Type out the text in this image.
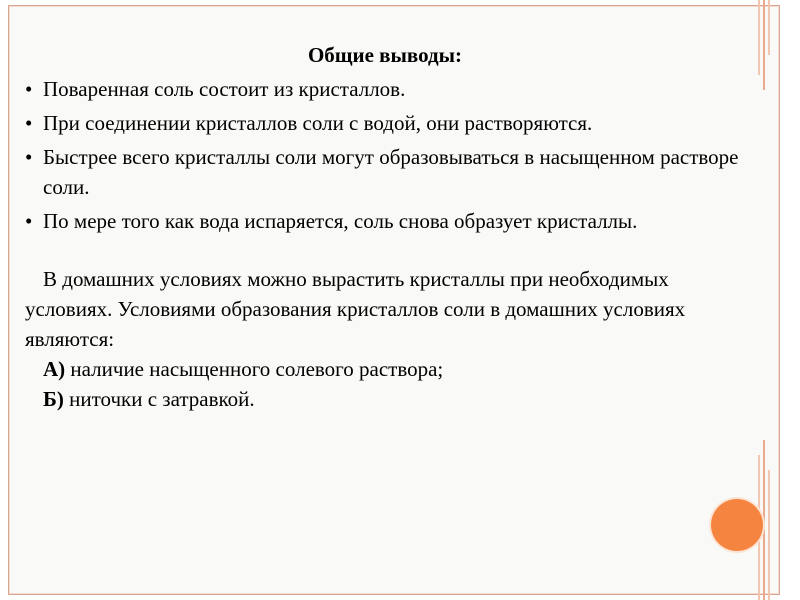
Общие выводы:
• Поваренная соль состоит из кристаллов.
• При соединении кристаллов соли с водой, они растворяются.
• Быстрее всего кристаллы соли могут образовываться в насыщенном растворе соли.
• По мере того как вода испаряется, соль снова образует кристаллы.
В домашних условиях можно вырастить кристаллы при необходимых условиях. Условиями образования кристаллов соли в домашних условиях являются:
А) наличие насыщенного солевого раствора;
Б) ниточки с затравкой.
